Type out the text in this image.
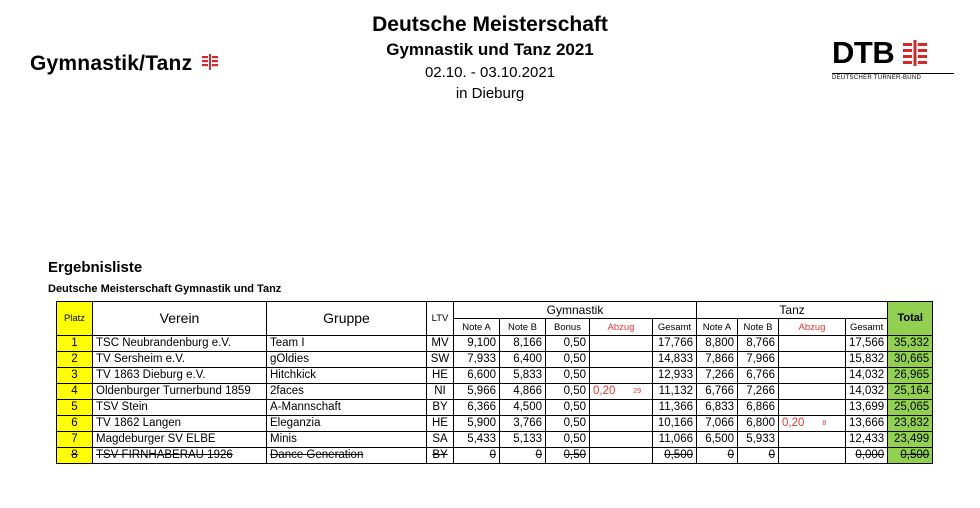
Gymnastik/Tanz
Deutsche Meisterschaft
Gymnastik und Tanz 2021
02.10. - 03.10.2021
in Dieburg
DTB
DEUTSCHER TURNER-BUND
Ergebnisliste
Deutsche Meisterschaft Gymnastik und Tanz
Platz	Verein	Gruppe	LTV	Gymnastik					Tanz				Total
				Note A	Note B	Bonus	Abzug	Gesamt	Note A	Note B	Abzug	Gesamt	
1	TSC Neubrandenburg e.V.	Team I	MV	9,100	8,166	0,50		17,766	8,800	8,766		17,566	35,332
2	TV Sersheim e.V.	gOldies	SW	7,933	6,400	0,50		14,833	7,866	7,966		15,832	30,665
3	TV 1863 Dieburg e.V.	Hitchkick	HE	6,600	5,833	0,50		12,933	7,266	6,766		14,032	26,965
4	Oldenburger Turnerbund 1859	2faces	NI	5,966	4,866	0,50	0,20 $^{29}$	11,132	6,766	7,266		14,032	25,164
5	TSV Stein	A-Mannschaft	BY	6,366	4,500	0,50		11,366	6,833	6,866		13,699	25,065
6	TV 1862 Langen	Eleganzia	HE	5,900	3,766	0,50		10,166	7,066	6,800	0,20 $^8$	13,666	23,832
7	Magdeburger SV ELBE	Minis	SA	5,433	5,133	0,50		11,066	6,500	5,933		12,433	23,499
8	TSV FIRNHABERAU 1926	Dance Generation	BY	0	0	0,50		0,500	0	0		0,000	0,500
